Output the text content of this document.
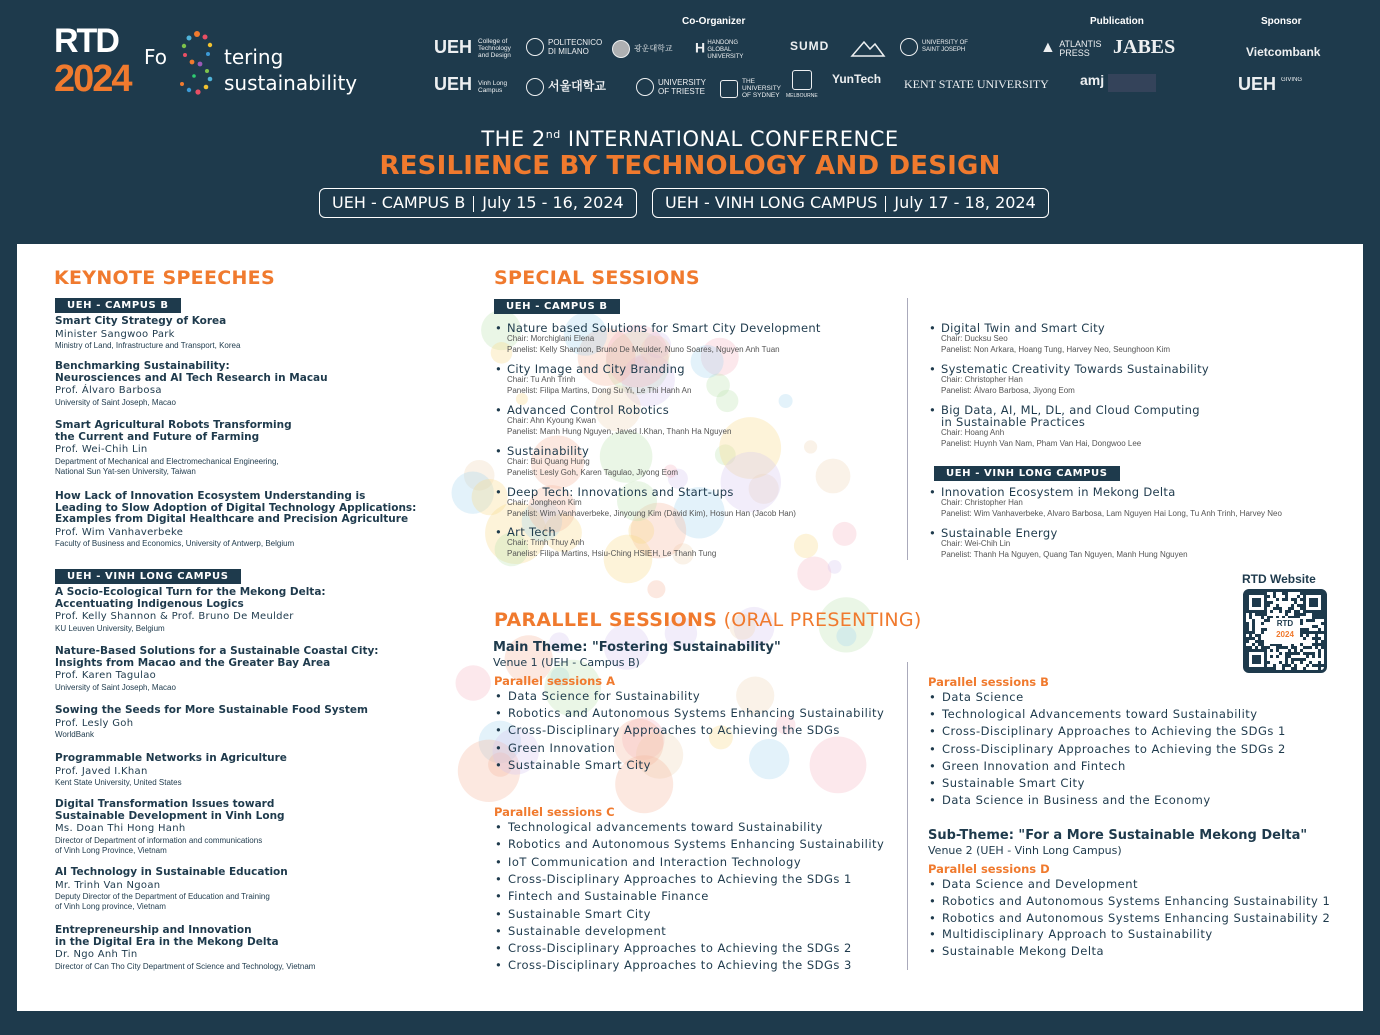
RTD
2024
Fo	tering
sustainability
Co-Organizer	Publication	Sponsor
UEH College of Technology and Design
POLITECNICO DI MILANO	광운대학교 H HANDONG GLOBAL UNIVERSITY
SUMD	UNIVERSITY OF SAINT JOSEPH
UEH Vinh Long Campus	서울대학교	UNIVERSITY OF TRIESTE
THE UNIVERSITY OF SYDNEY	MELBOURNE
YunTech KENT STATE UNIVERSITY
▲ ATLANTIS PRESS	JABES
amj
Vietcombank
UEH GIVING
THE 2nd INTERNATIONAL CONFERENCE
RESILIENCE BY TECHNOLOGY AND DESIGN
UEH - CAMPUS B July 15 - 16, 2024	UEH - VINH LONG CAMPUS July 17 - 18, 2024
KEYNOTE SPEECHES
UEH - CAMPUS B
UEH - VINH LONG CAMPUS
Smart City Strategy of Korea
Minister Sangwoo Park
Ministry of Land, Infrastructure and Transport, Korea
Benchmarking Sustainability:
Neurosciences and AI Tech Research in Macau
Prof. Álvaro Barbosa
University of Saint Joseph, Macao
Smart Agricultural Robots Transforming
the Current and Future of Farming
Prof. Wei-Chih Lin
Department of Mechanical and Electromechanical Engineering,
National Sun Yat-sen University, Taiwan
How Lack of Innovation Ecosystem Understanding is
Leading to Slow Adoption of Digital Technology Applications:
Examples from Digital Healthcare and Precision Agriculture
Prof. Wim Vanhaverbeke
Faculty of Business and Economics, University of Antwerp, Belgium
A Socio-Ecological Turn for the Mekong Delta:
Accentuating Indigenous Logics
Prof. Kelly Shannon & Prof. Bruno De Meulder
KU Leuven University, Belgium
Nature-Based Solutions for a Sustainable Coastal City:
Insights from Macao and the Greater Bay Area
Prof. Karen Tagulao
University of Saint Joseph, Macao
Sowing the Seeds for More Sustainable Food System
Prof. Lesly Goh
WorldBank
Programmable Networks in Agriculture
Prof. Javed I.Khan
Kent State University, United States
Digital Transformation Issues toward
Sustainable Development in Vinh Long
Ms. Doan Thi Hong Hanh
Director of Department of information and communications
of Vinh Long Province, Vietnam
AI Technology in Sustainable Education
Mr. Trinh Van Ngoan
Deputy Director of the Department of Education and Training
of Vinh Long province, Vietnam
Entrepreneurship and Innovation
in the Digital Era in the Mekong Delta
Dr. Ngo Anh Tin
Director of Can Tho City Department of Science and Technology, Vietnam
SPECIAL SESSIONS
UEH - CAMPUS B
UEH - VINH LONG CAMPUS
• Nature based Solutions for Smart City Development
Chair: Morchiglani Elena
Panelist: Kelly Shannon, Bruno De Meulder, Nuno Soares, Nguyen Anh Tuan
• City Image and City Branding
Chair: Tu Anh Trinh
Panelist: Filipa Martins, Dong Su Yi, Le Thi Hanh An
• Advanced Control Robotics
Chair: Ahn Kyoung Kwan
Panelist: Manh Hung Nguyen, Javed I.Khan, Thanh Ha Nguyen
• Sustainability
Chair: Bui Quang Hung
Panelist: Lesly Goh, Karen Tagulao, Jiyong Eom
• Deep Tech: Innovations and Start-ups
Chair: Jongheon Kim
Panelist: Wim Vanhaverbeke, Jinyoung Kim (David Kim), Hosun Han (Jacob Han)
• Art Tech
Chair: Trinh Thuy Anh
Panelist: Filipa Martins, Hsiu-Ching HSIEH, Le Thanh Tung
• Digital Twin and Smart City
Chair: Ducksu Seo
Panelist: Non Arkara, Hoang Tung, Harvey Neo, Seunghoon Kim
• Systematic Creativity Towards Sustainability
Chair: Christopher Han
Panelist: Álvaro Barbosa, Jiyong Eom
• Big Data, AI, ML, DL, and Cloud Computing
in Sustainable Practices
Chair: Hoang Anh
Panelist: Huynh Van Nam, Pham Van Hai, Dongwoo Lee
• Innovation Ecosystem in Mekong Delta
Chair: Christopher Han
Panelist: Wim Vanhaverbeke, Alvaro Barbosa, Lam Nguyen Hai Long, Tu Anh Trinh, Harvey Neo
• Sustainable Energy
Chair: Wei-Chih Lin
Panelist: Thanh Ha Nguyen, Quang Tan Nguyen, Manh Hung Nguyen
RTD Website
RTD
2024
PARALLEL SESSIONS (ORAL PRESENTING)
Main Theme: "Fostering Sustainability"
Venue 1 (UEH - Campus B)
Sub-Theme: "For a More Sustainable Mekong Delta"
Venue 2 (UEH - Vinh Long Campus)
Parallel sessions A
• Data Science for Sustainability
• Robotics and Autonomous Systems Enhancing Sustainability
• Cross-Disciplinary Approaches to Achieving the SDGs
• Green Innovation
• Sustainable Smart City
Parallel sessions B
• Data Science
• Technological Advancements toward Sustainability
• Cross-Disciplinary Approaches to Achieving the SDGs 1
• Cross-Disciplinary Approaches to Achieving the SDGs 2
• Green Innovation and Fintech
• Sustainable Smart City
• Data Science in Business and the Economy
Parallel sessions C
• Technological advancements toward Sustainability
• Robotics and Autonomous Systems Enhancing Sustainability
• IoT Communication and Interaction Technology
• Cross-Disciplinary Approaches to Achieving the SDGs 1
• Fintech and Sustainable Finance
• Sustainable Smart City
• Sustainable development
• Cross-Disciplinary Approaches to Achieving the SDGs 2
• Cross-Disciplinary Approaches to Achieving the SDGs 3
Parallel sessions D
• Data Science and Development
• Robotics and Autonomous Systems Enhancing Sustainability 1
• Robotics and Autonomous Systems Enhancing Sustainability 2
• Multidisciplinary Approach to Sustainability
• Sustainable Mekong Delta
